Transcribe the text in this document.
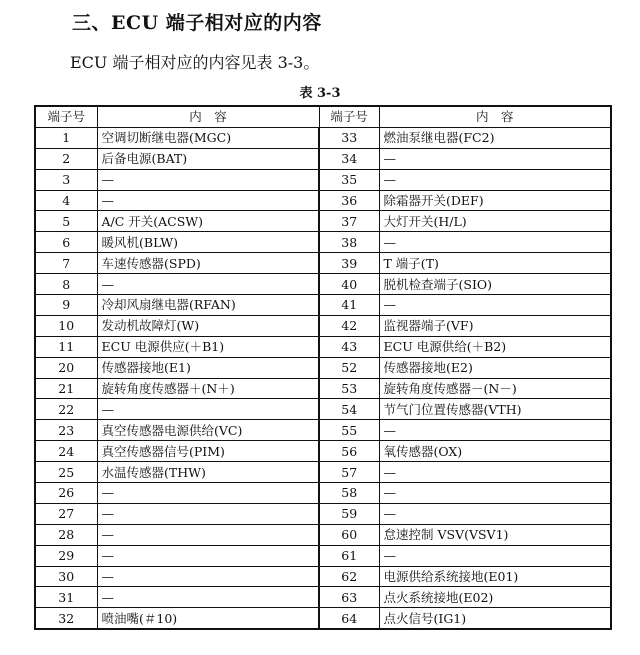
三、ECU 端子相对应的内容
ECU 端子相对应的内容见表 3-3。
表 3-3
端子号	内　容	端子号	内　容
1	空调切断继电器(MGC)	33	燃油泵继电器(FC2)
2	后备电源(BAT)	34	—
3	—	35	—
4	—	36	除霜器开关(DEF)
5	A/C 开关(ACSW)	37	大灯开关(H/L)
6	暖风机(BLW)	38	—
7	车速传感器(SPD)	39	T 端子(T)
8	—	40	脱机检查端子(SIO)
9	冷却风扇继电器(RFAN)	41	—
10	发动机故障灯(W)	42	监视器端子(VF)
11	ECU 电源供应(＋B1)	43	ECU 电源供给(＋B2)
20	传感器接地(E1)	52	传感器接地(E2)
21	旋转角度传感器＋(N＋)	53	旋转角度传感器－(N－)
22	—	54	节气门位置传感器(VTH)
23	真空传感器电源供给(VC)	55	—
24	真空传感器信号(PIM)	56	氧传感器(OX)
25	水温传感器(THW)	57	—
26	—	58	—
27	—	59	—
28	—	60	怠速控制 VSV(VSV1)
29	—	61	—
30	—	62	电源供给系统接地(E01)
31	—	63	点火系统接地(E02)
32	喷油嘴(＃10)	64	点火信号(IG1)
